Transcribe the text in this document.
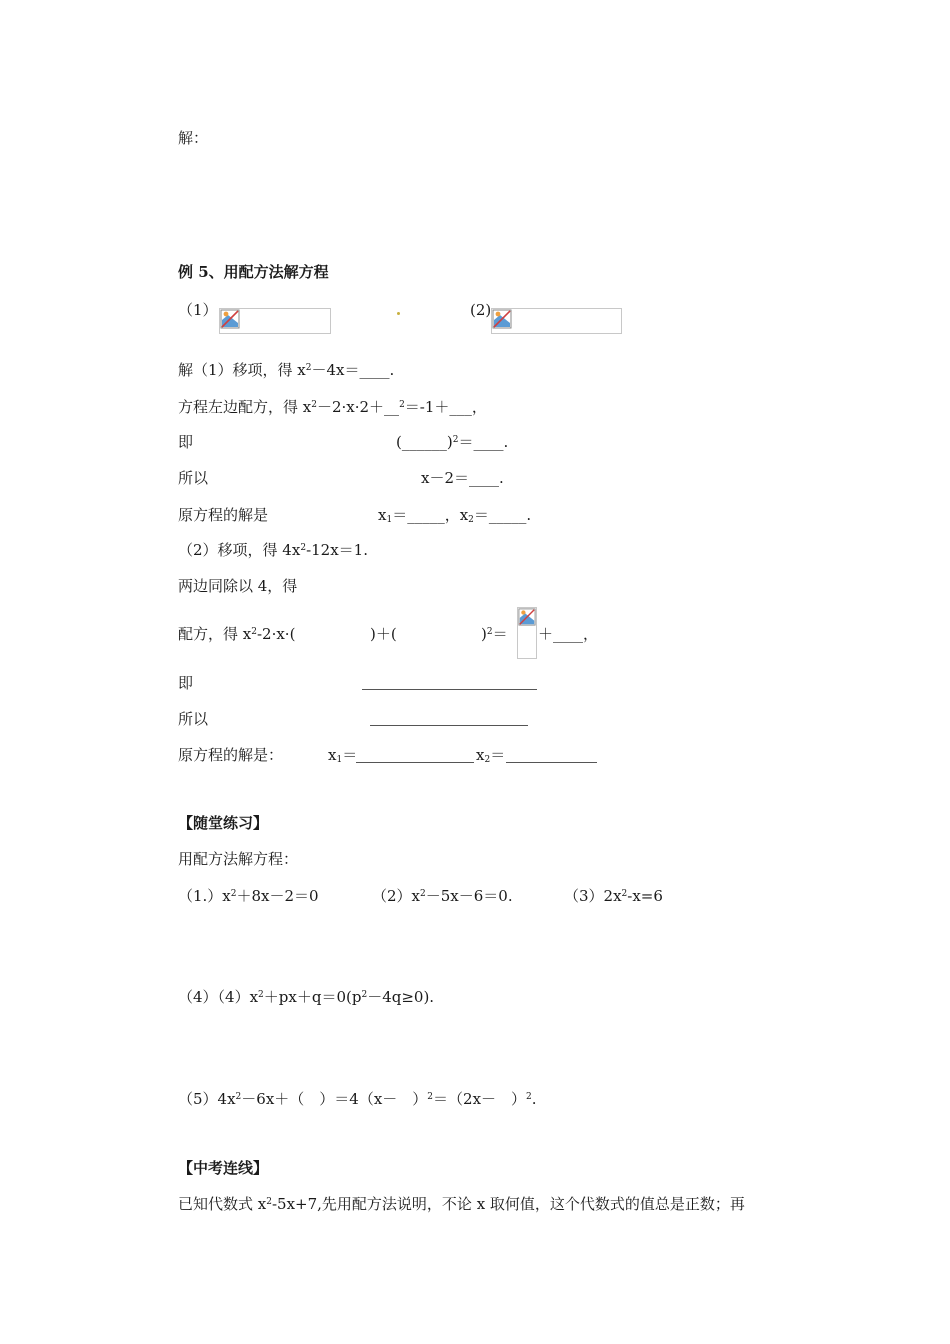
解：
例 5、用配方法解方程
（1）	(2)
解（1）移项，得 $x^2-4x=\_\_\_\_$.
方程左边配方，得 $x^2-2\cdot x\cdot 2+\_\_^2=-1+\_\_\_$，
即	(______)$^2$＝____.
所以	x－2＝____.
原方程的解是	$x_1=\_\_\_\_\_$，$x_2=\_\_\_\_\_$.
（2）移项，得 $4x^2-12x=1$.
两边同除以 4，得
配方，得 $x^2-2\cdot x\cdot$(	)＋(	)$^2$＝ ＋____，
即
所以
原方程的解是：	$x_1=$	$x_2=$
【随堂练习】
用配方法解方程：
$(1.)x^2+8x-2=0$	$(2)x^2-5x-6=0$.	$(3)2x^2-x=6$
$(4)(4)x^2+px+q=0(p^2-4q\ge 0)$.
$(5)4x^2-6x+$（　）＝4（x－　）$^2$＝（2x－　）$^2$.
【中考连线】
已知代数式 $x^2-5x+7$,先用配方法说明，不论 x 取何值，这个代数式的值总是正数；再
